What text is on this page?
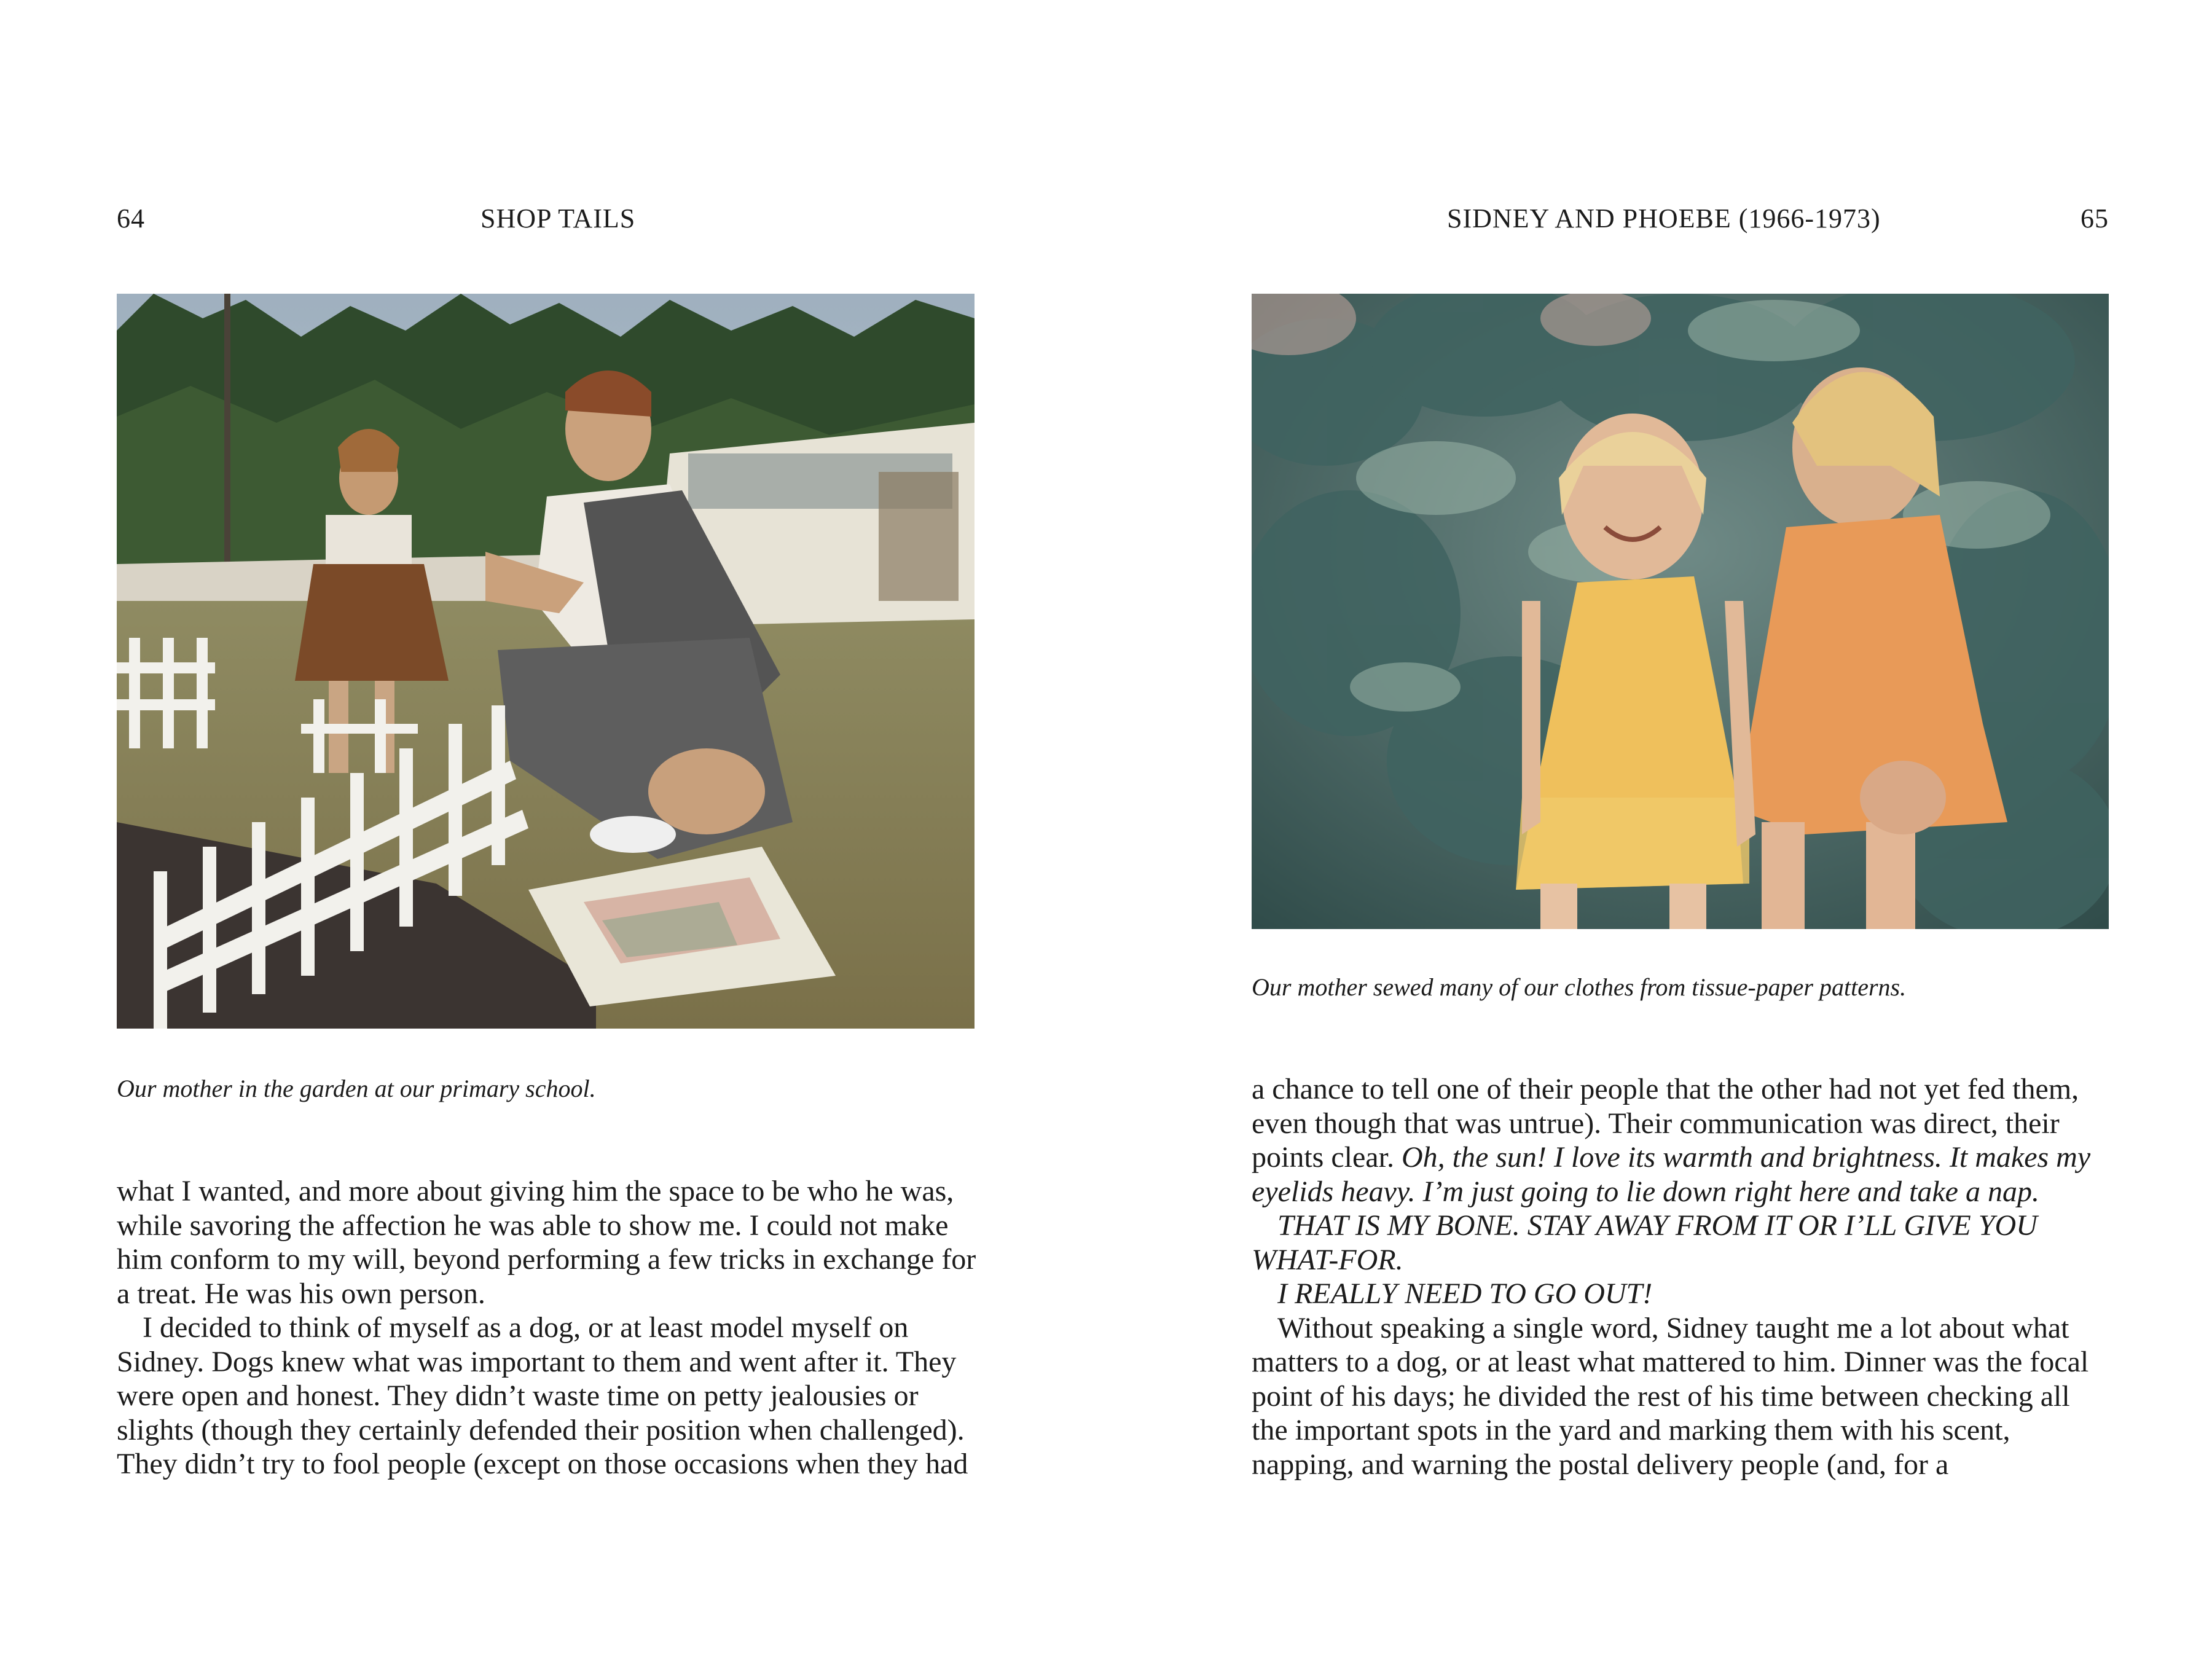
64	SHOP TAILS
Our mother in the garden at our primary school.

what I wanted, and more about giving him the space to be who he was, while savoring the affection he was able to show me. I could not make him conform to my will, beyond performing a few tricks in exchange for a treat. He was his own person.

I decided to think of myself as a dog, or at least model myself on Sidney. Dogs knew what was important to them and went after it. They were open and honest. They didn’t waste time on petty jealousies or slights (though they certainly defended their position when challenged). They didn’t try to fool people (except on those occasions when they had

SIDNEY AND PHOEBE (1966-1973)	65
Our mother sewed many of our clothes from tissue-paper patterns.

a chance to tell one of their people that the other had not yet fed them, even though that was untrue). Their communication was direct, their points clear. Oh, the sun! I love its warmth and brightness. It makes my eyelids heavy. I’m just going to lie down right here and take a nap.

THAT IS MY BONE. STAY AWAY FROM IT OR I’LL GIVE YOU WHAT-FOR.

I REALLY NEED TO GO OUT!

Without speaking a single word, Sidney taught me a lot about what matters to a dog, or at least what mattered to him. Dinner was the focal point of his days; he divided the rest of his time between checking all the important spots in the yard and marking them with his scent, napping, and warning the postal delivery people (and, for a
